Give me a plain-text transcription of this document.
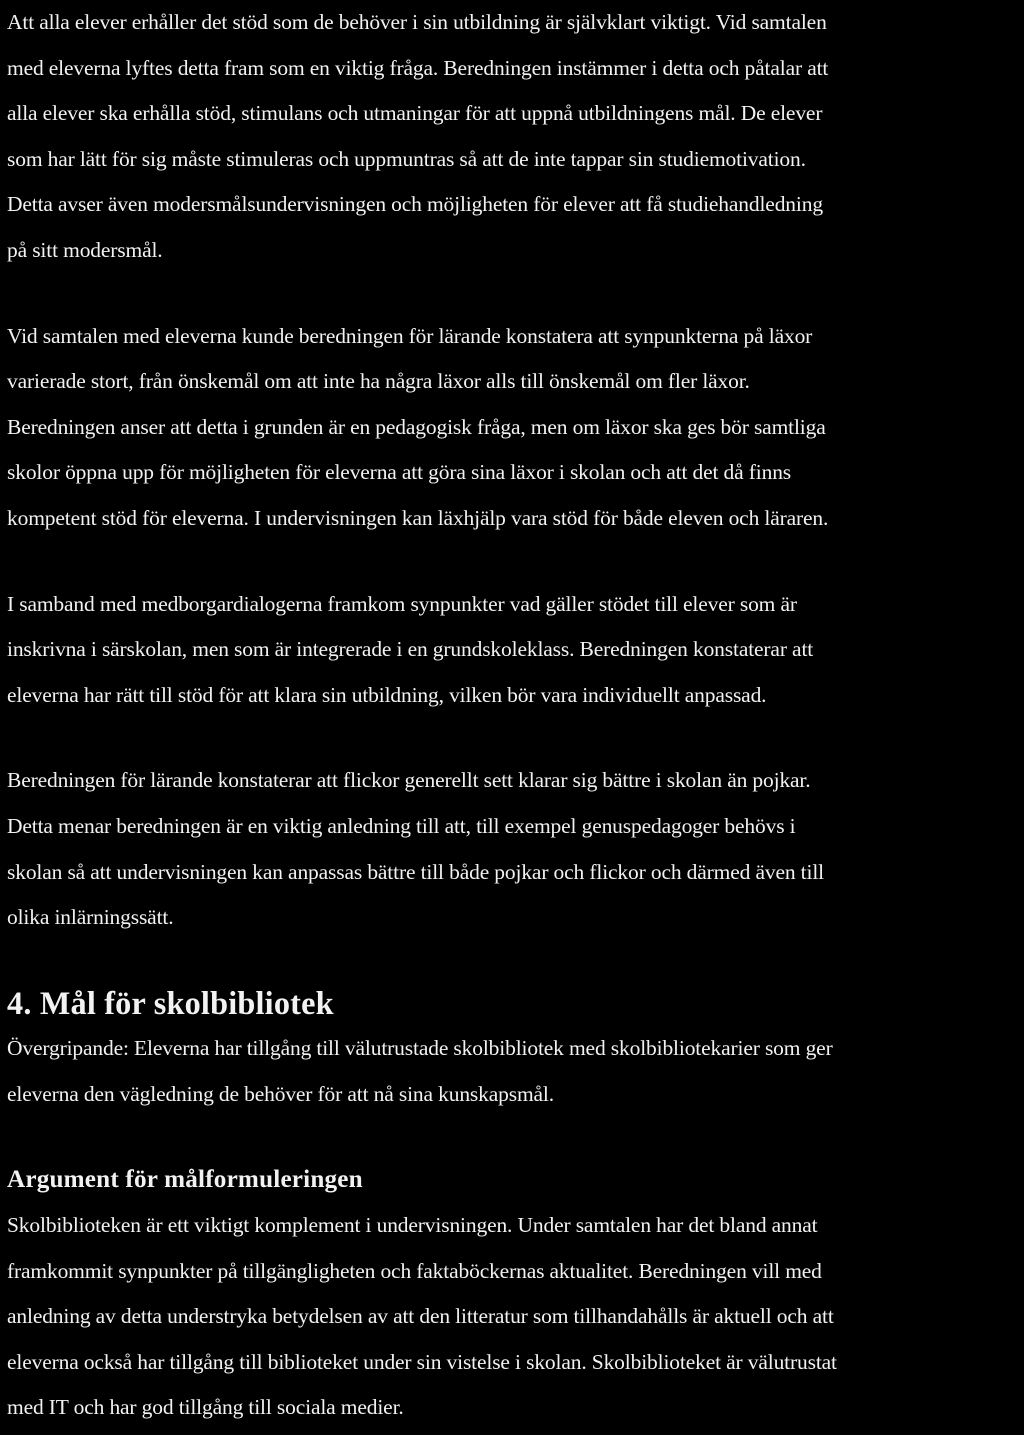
Att alla elever erhåller det stöd som de behöver i sin utbildning är självklart viktigt. Vid samtalen
med eleverna lyftes detta fram som en viktig fråga. Beredningen instämmer i detta och påtalar att
alla elever ska erhålla stöd, stimulans och utmaningar för att uppnå utbildningens mål. De elever
som har lätt för sig måste stimuleras och uppmuntras så att de inte tappar sin studiemotivation.
Detta avser även modersmålsundervisningen och möjligheten för elever att få studiehandledning
på sitt modersmål.

Vid samtalen med eleverna kunde beredningen för lärande konstatera att synpunkterna på läxor
varierade stort, från önskemål om att inte ha några läxor alls till önskemål om fler läxor.
Beredningen anser att detta i grunden är en pedagogisk fråga, men om läxor ska ges bör samtliga
skolor öppna upp för möjligheten för eleverna att göra sina läxor i skolan och att det då finns
kompetent stöd för eleverna. I undervisningen kan läxhjälp vara stöd för både eleven och läraren.

I samband med medborgardialogerna framkom synpunkter vad gäller stödet till elever som är
inskrivna i särskolan, men som är integrerade i en grundskoleklass. Beredningen konstaterar att
eleverna har rätt till stöd för att klara sin utbildning, vilken bör vara individuellt anpassad.

Beredningen för lärande konstaterar att flickor generellt sett klarar sig bättre i skolan än pojkar.
Detta menar beredningen är en viktig anledning till att, till exempel genuspedagoger behövs i
skolan så att undervisningen kan anpassas bättre till både pojkar och flickor och därmed även till
olika inlärningssätt.

4. Mål för skolbibliotek

Övergripande: Eleverna har tillgång till välutrustade skolbibliotek med skolbibliotekarier som ger
eleverna den vägledning de behöver för att nå sina kunskapsmål.

Argument för målformuleringen

Skolbiblioteken är ett viktigt komplement i undervisningen. Under samtalen har det bland annat
framkommit synpunkter på tillgängligheten och faktaböckernas aktualitet. Beredningen vill med
anledning av detta understryka betydelsen av att den litteratur som tillhandahålls är aktuell och att
eleverna också har tillgång till biblioteket under sin vistelse i skolan. Skolbiblioteket är välutrustat
med IT och har god tillgång till sociala medier.
